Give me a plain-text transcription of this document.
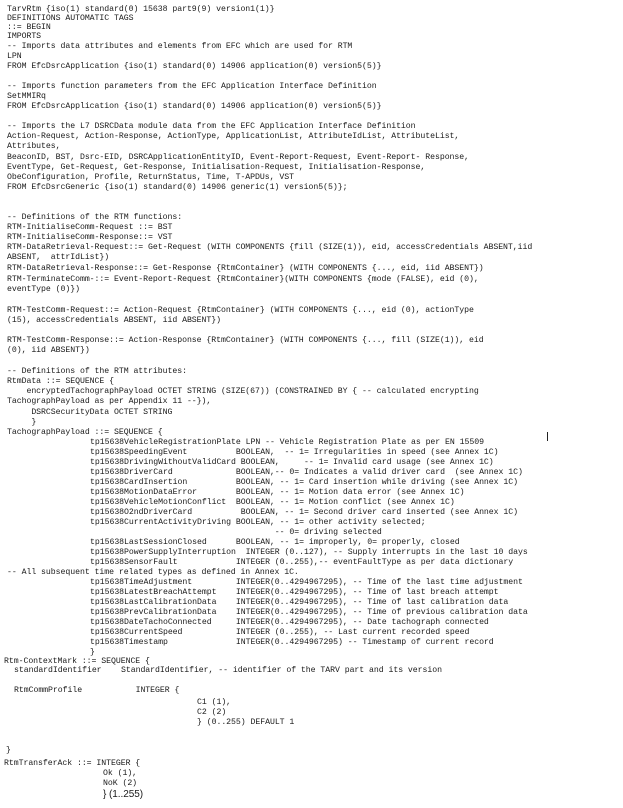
TarvRtm {iso(1) standard(0) 15638 part9(9) version1(1)}
DEFINITIONS AUTOMATIC TAGS
::= BEGIN
IMPORTS
-- Imports data attributes and elements from EFC which are used for RTM
LPN
FROM EfcDsrcApplication {iso(1) standard(0) 14906 application(0) version5(5)}
-- Imports function parameters from the EFC Application Interface Definition
SetMMIRq
FROM EfcDsrcApplication {iso(1) standard(0) 14906 application(0) version5(5)}
-- Imports the L7 DSRCData module data from the EFC Application Interface Definition
Action-Request, Action-Response, ActionType, ApplicationList, AttributeIdList, AttributeList,
Attributes,
BeaconID, BST, Dsrc-EID, DSRCApplicationEntityID, Event-Report-Request, Event-Report- Response,
EventType, Get-Request, Get-Response, Initialisation-Request, Initialisation-Response,
ObeConfiguration, Profile, ReturnStatus, Time, T-APDUs, VST
FROM EfcDsrcGeneric {iso(1) standard(0) 14906 generic(1) version5(5)};
-- Definitions of the RTM functions:
RTM-InitialiseComm-Request ::= BST
RTM-InitialiseComm-Response::= VST
RTM-DataRetrieval-Request::= Get-Request (WITH COMPONENTS {fill (SIZE(1)), eid, accessCredentials ABSENT,iid
ABSENT,  attrIdList})
RTM-DataRetrieval-Response::= Get-Response {RtmContainer} (WITH COMPONENTS {..., eid, iid ABSENT})
RTM-TerminateComm-::= Event-Report-Request {RtmContainer}(WITH COMPONENTS {mode (FALSE), eid (0),
eventType (0)})
RTM-TestComm-Request::= Action-Request {RtmContainer} (WITH COMPONENTS {..., eid (0), actionType
(15), accessCredentials ABSENT, iid ABSENT})
RTM-TestComm-Response::= Action-Response {RtmContainer} (WITH COMPONENTS {..., fill (SIZE(1)), eid
(0), iid ABSENT})
-- Definitions of the RTM attributes:
RtmData ::= SEQUENCE {
encryptedTachographPayload OCTET STRING (SIZE(67)) (CONSTRAINED BY { -- calculated encrypting
TachographPayload as per Appendix 11 --}),
DSRCSecurityData OCTET STRING
}
TachographPayload ::= SEQUENCE {
tp15638VehicleRegistrationPlate LPN -- Vehicle Registration Plate as per EN 15509
tp15638SpeedingEvent          BOOLEAN,  -- 1= Irregularities in speed (see Annex 1C)
tp15638DrivingWithoutValidCard BOOLEAN,     -- 1= Invalid card usage (see Annex 1C)
tp15638DriverCard             BOOLEAN,-- 0= Indicates a valid driver card  (see Annex 1C)
tp15638CardInsertion          BOOLEAN, -- 1= Card insertion while driving (see Annex 1C)
tp15638MotionDataError        BOOLEAN, -- 1= Motion data error (see Annex 1C)
tp15638VehicleMotionConflict  BOOLEAN, -- 1= Motion conflict (see Annex 1C)
tp15638O2ndDriverCard          BOOLEAN, -- 1= Second driver card inserted (see Annex 1C)
tp15638CurrentActivityDriving BOOLEAN, -- 1= other activity selected;
-- 0= driving selected
tp15638LastSessionClosed      BOOLEAN, -- 1= improperly, 0= properly, closed
tp15638PowerSupplyInterruption  INTEGER (0..127), -- Supply interrupts in the last 10 days
tp15638SensorFault            INTEGER (0..255),-- eventFaultType as per data dictionary
-- All subsequent time related types as defined in Annex 1C.
tp15638TimeAdjustment         INTEGER(0..4294967295), -- Time of the last time adjustment
tp15638LatestBreachAttempt    INTEGER(0..4294967295), -- Time of last breach attempt
tp15638LastCalibrationData    INTEGER(0..4294967295), -- Time of last calibration data
tp15638PrevCalibrationData    INTEGER(0..4294967295), -- Time of previous calibration data
tp15638DateTachoConnected     INTEGER(0..4294967295), -- Date tachograph connected
tp15638CurrentSpeed           INTEGER (0..255), -- Last current recorded speed
tp15638Timestamp              INTEGER(0..4294967295) -- Timestamp of current record
}
Rtm-ContextMark ::= SEQUENCE {
standardIdentifier    StandardIdentifier, -- identifier of the TARV part and its version
RtmCommProfile           INTEGER {
C1 (1),
C2 (2)
} (0..255) DEFAULT 1
}
RtmTransferAck ::= INTEGER {
Ok (1),
NoK (2)
} (1..255)
